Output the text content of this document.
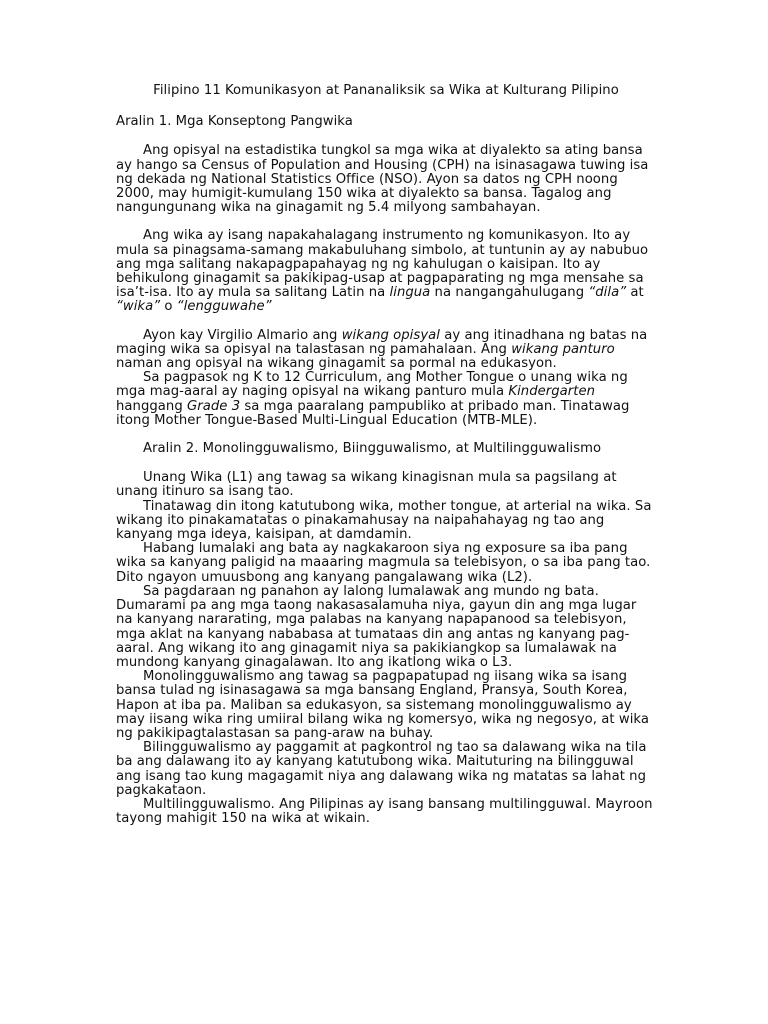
Filipino 11 Komunikasyon at Pananaliksik sa Wika at Kulturang Pilipino
Aralin 1. Mga Konseptong Pangwika

Ang opisyal na estadistika tungkol sa mga wika at diyalekto sa ating bansa ay hango sa Census of Population and Housing (CPH) na isinasagawa tuwing isa ng dekada ng National Statistics Office (NSO). Ayon sa datos ng CPH noong 2000, may humigit-kumulang 150 wika at diyalekto sa bansa. Tagalog ang nangungunang wika na ginagamit ng 5.4 milyong sambahayan.

Ang wika ay isang napakahalagang instrumento ng komunikasyon. Ito ay mula sa pinagsama-samang makabuluhang simbolo, at tuntunin ay ay nabubuo ang mga salitang nakapagpapahayag ng ng kahulugan o kaisipan. Ito ay behikulong ginagamit sa pakikipag-usap at pagpaparating ng mga mensahe sa isa’t-isa. Ito ay mula sa salitang Latin na lingua na nangangahulugang “dila” at “wika” o “lengguwahe”

Ayon kay Virgilio Almario ang wikang opisyal ay ang itinadhana ng batas na maging wika sa opisyal na talastasan ng pamahalaan. Ang wikang panturo naman ang opisyal na wikang ginagamit sa pormal na edukasyon.

Sa pagpasok ng K to 12 Curriculum, ang Mother Tongue o unang wika ng mga mag-aaral ay naging opisyal na wikang panturo mula Kindergarten hanggang Grade 3 sa mga paaralang pampubliko at pribado man. Tinatawag itong Mother Tongue-Based Multi-Lingual Education (MTB-MLE).

Aralin 2. Monolingguwalismo, Biingguwalismo, at Multilingguwalismo

Unang Wika (L1) ang tawag sa wikang kinagisnan mula sa pagsilang at unang itinuro sa isang tao.

Tinatawag din itong katutubong wika, mother tongue, at arterial na wika. Sa wikang ito pinakamatatas o pinakamahusay na naipahahayag ng tao ang kanyang mga ideya, kaisipan, at damdamin.

Habang lumalaki ang bata ay nagkakaroon siya ng exposure sa iba pang wika sa kanyang paligid na maaaring magmula sa telebisyon, o sa iba pang tao. Dito ngayon umuusbong ang kanyang pangalawang wika (L2).

Sa pagdaraan ng panahon ay lalong lumalawak ang mundo ng bata. Dumarami pa ang mga taong nakasasalamuha niya, gayun din ang mga lugar na kanyang nararating, mga palabas na kanyang napapanood sa telebisyon, mga aklat na kanyang nababasa at tumataas din ang antas ng kanyang pag-aaral. Ang wikang ito ang ginagamit niya sa pakikiangkop sa lumalawak na mundong kanyang ginagalawan. Ito ang ikatlong wika o L3.

Monolingguwalismo ang tawag sa pagpapatupad ng iisang wika sa isang bansa tulad ng isinasagawa sa mga bansang England, Pransya, South Korea, Hapon at iba pa. Maliban sa edukasyon, sa sistemang monolingguwalismo ay may iisang wika ring umiiral bilang wika ng komersyo, wika ng negosyo, at wika ng pakikipagtalastasan sa pang-araw na buhay.

Bilingguwalismo ay paggamit at pagkontrol ng tao sa dalawang wika na tila ba ang dalawang ito ay kanyang katutubong wika. Maituturing na bilingguwal ang isang tao kung magagamit niya ang dalawang wika ng matatas sa lahat ng pagkakataon.

Multilingguwalismo. Ang Pilipinas ay isang bansang multilingguwal. Mayroon tayong mahigit 150 na wika at wikain.
